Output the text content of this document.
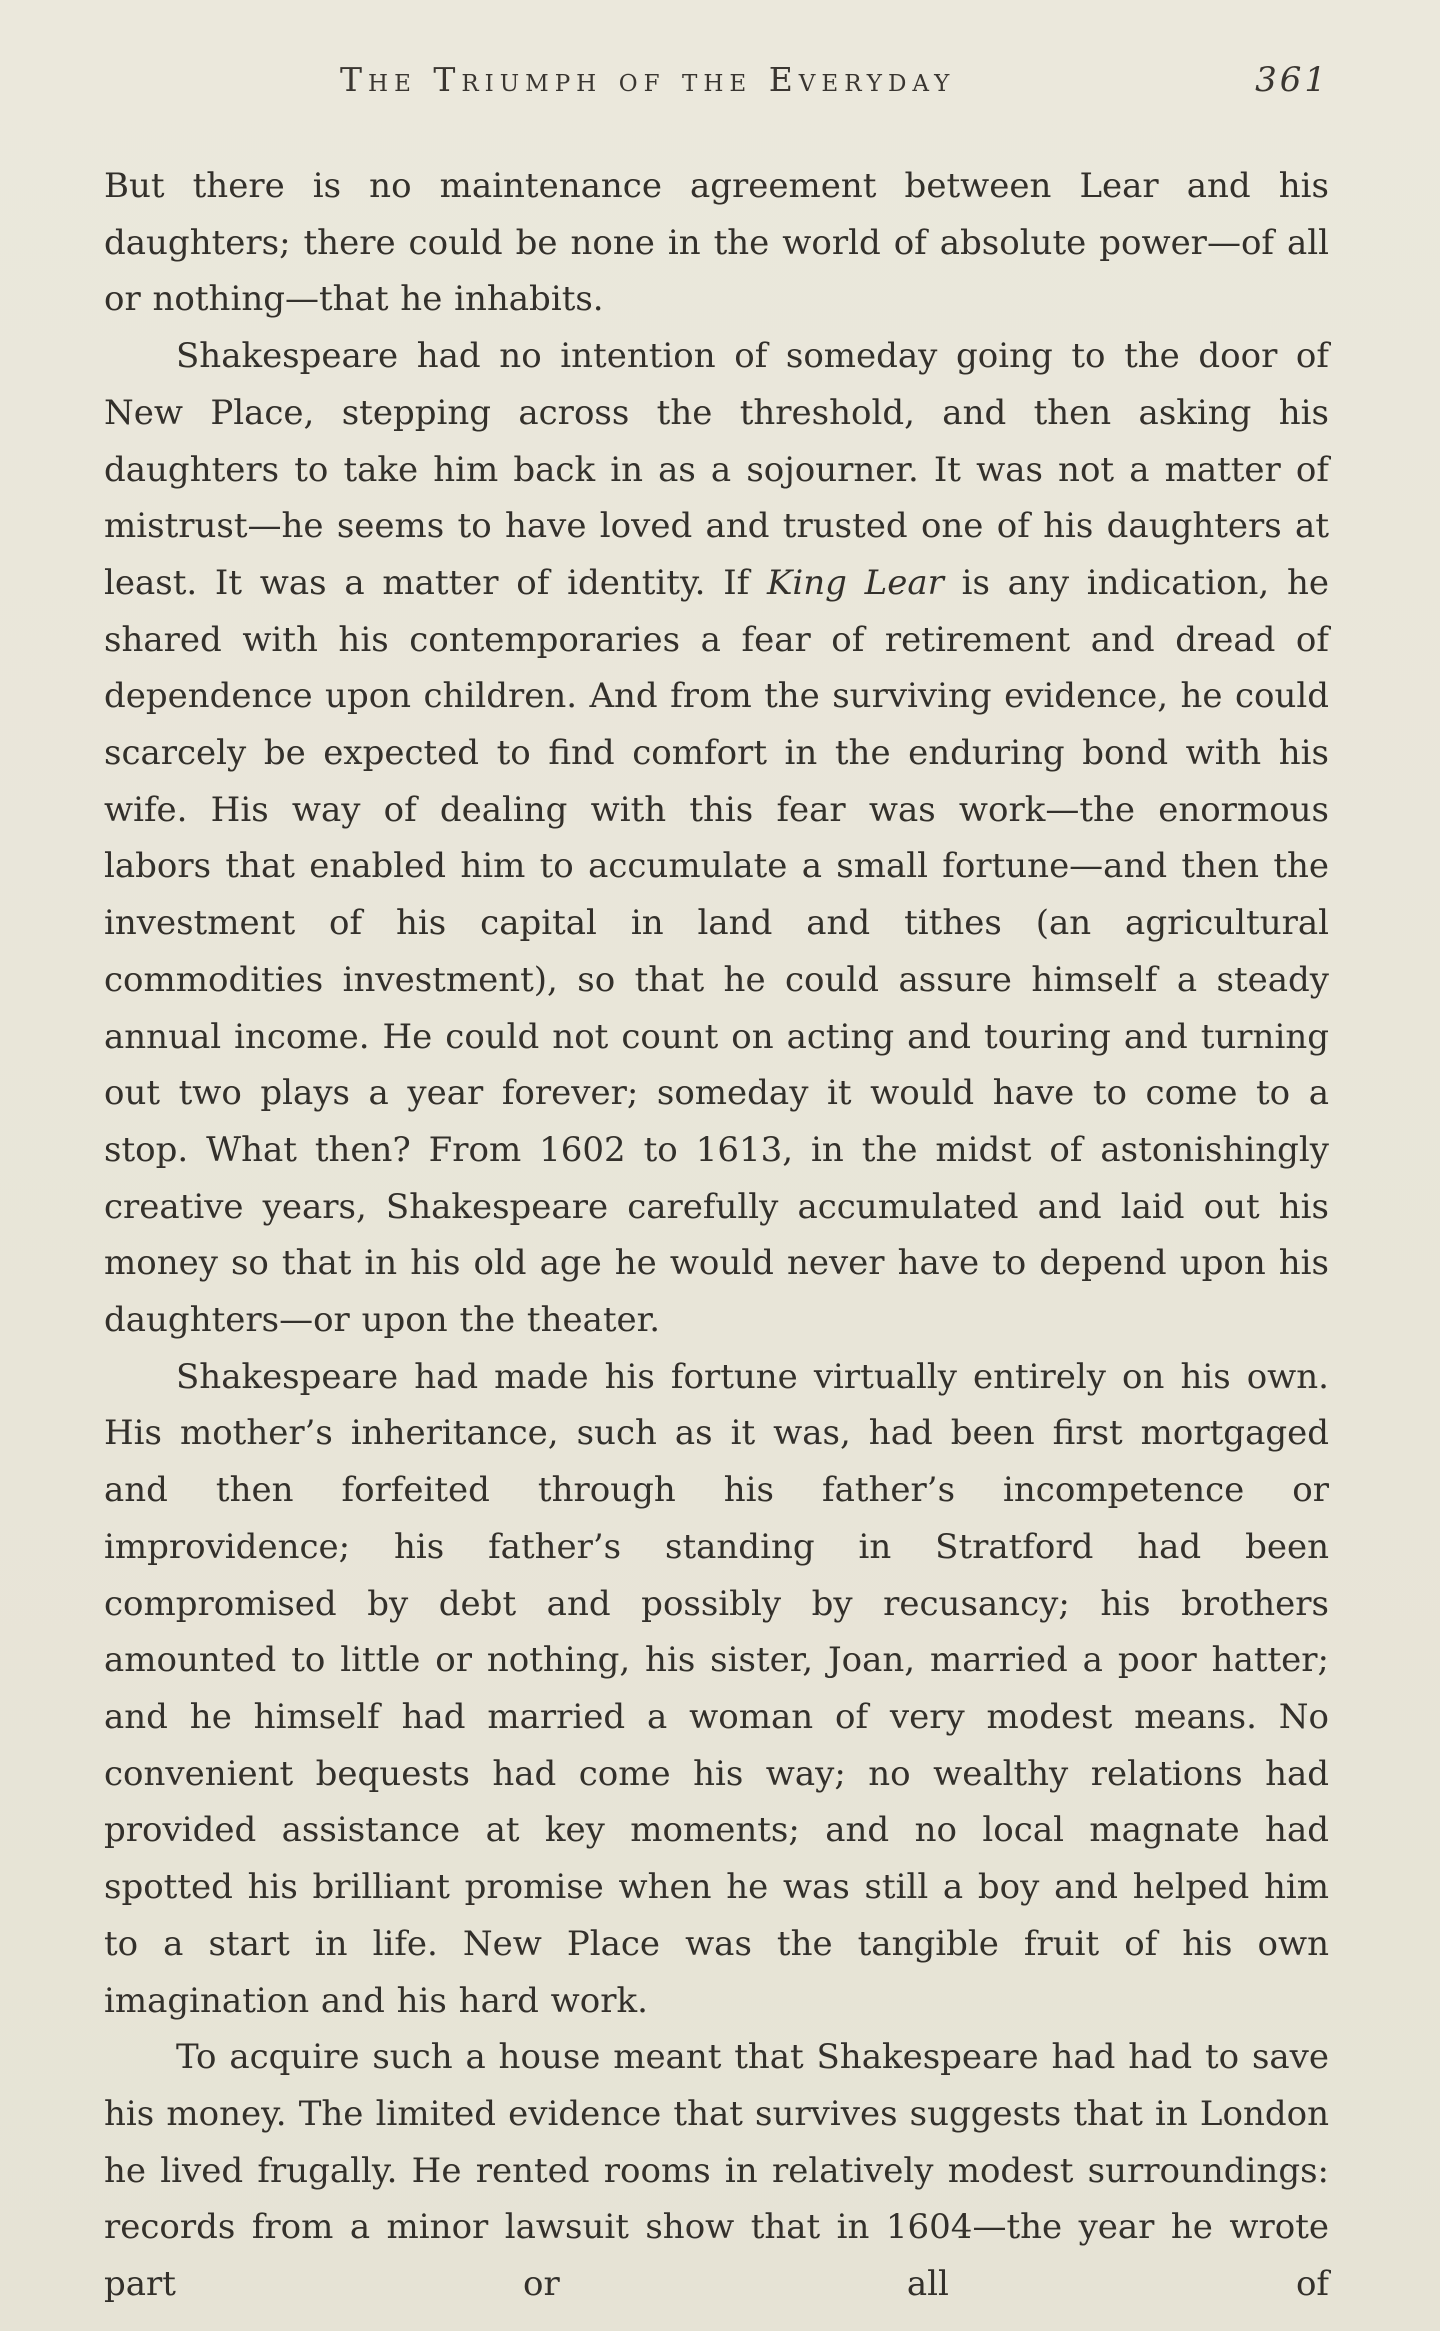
The Triumph of the Everyday	361

But there is no maintenance agreement between Lear and his daughters; there could be none in the world of absolute power—of all or nothing—that he inhabits.

Shakespeare had no intention of someday going to the door of New Place, stepping across the threshold, and then asking his daughters to take him back in as a sojourner. It was not a matter of mistrust—he seems to have loved and trusted one of his daughters at least. It was a matter of identity. If King Lear is any indication, he shared with his contemporaries a fear of retirement and dread of dependence upon children. And from the surviving evidence, he could scarcely be expected to find comfort in the enduring bond with his wife. His way of dealing with this fear was work—the enormous labors that enabled him to accumulate a small fortune—and then the investment of his capital in land and tithes (an agricultural commodities investment), so that he could assure himself a steady annual income. He could not count on acting and touring and turning out two plays a year forever; someday it would have to come to a stop. What then? From 1602 to 1613, in the midst of astonishingly creative years, Shakespeare carefully accumulated and laid out his money so that in his old age he would never have to depend upon his daughters—or upon the theater.

Shakespeare had made his fortune virtually entirely on his own. His mother’s inheritance, such as it was, had been first mortgaged and then forfeited through his father’s incompetence or improvidence; his father’s standing in Stratford had been compromised by debt and possibly by recusancy; his brothers amounted to little or nothing, his sister, Joan, married a poor hatter; and he himself had married a woman of very modest means. No convenient bequests had come his way; no wealthy relations had provided assistance at key moments; and no local magnate had spotted his brilliant promise when he was still a boy and helped him to a start in life. New Place was the tangible fruit of his own imagination and his hard work.

To acquire such a house meant that Shakespeare had had to save his money. The limited evidence that survives suggests that in London he lived frugally. He rented rooms in relatively modest surroundings: records from a minor lawsuit show that in 1604—the year he wrote part or all of
